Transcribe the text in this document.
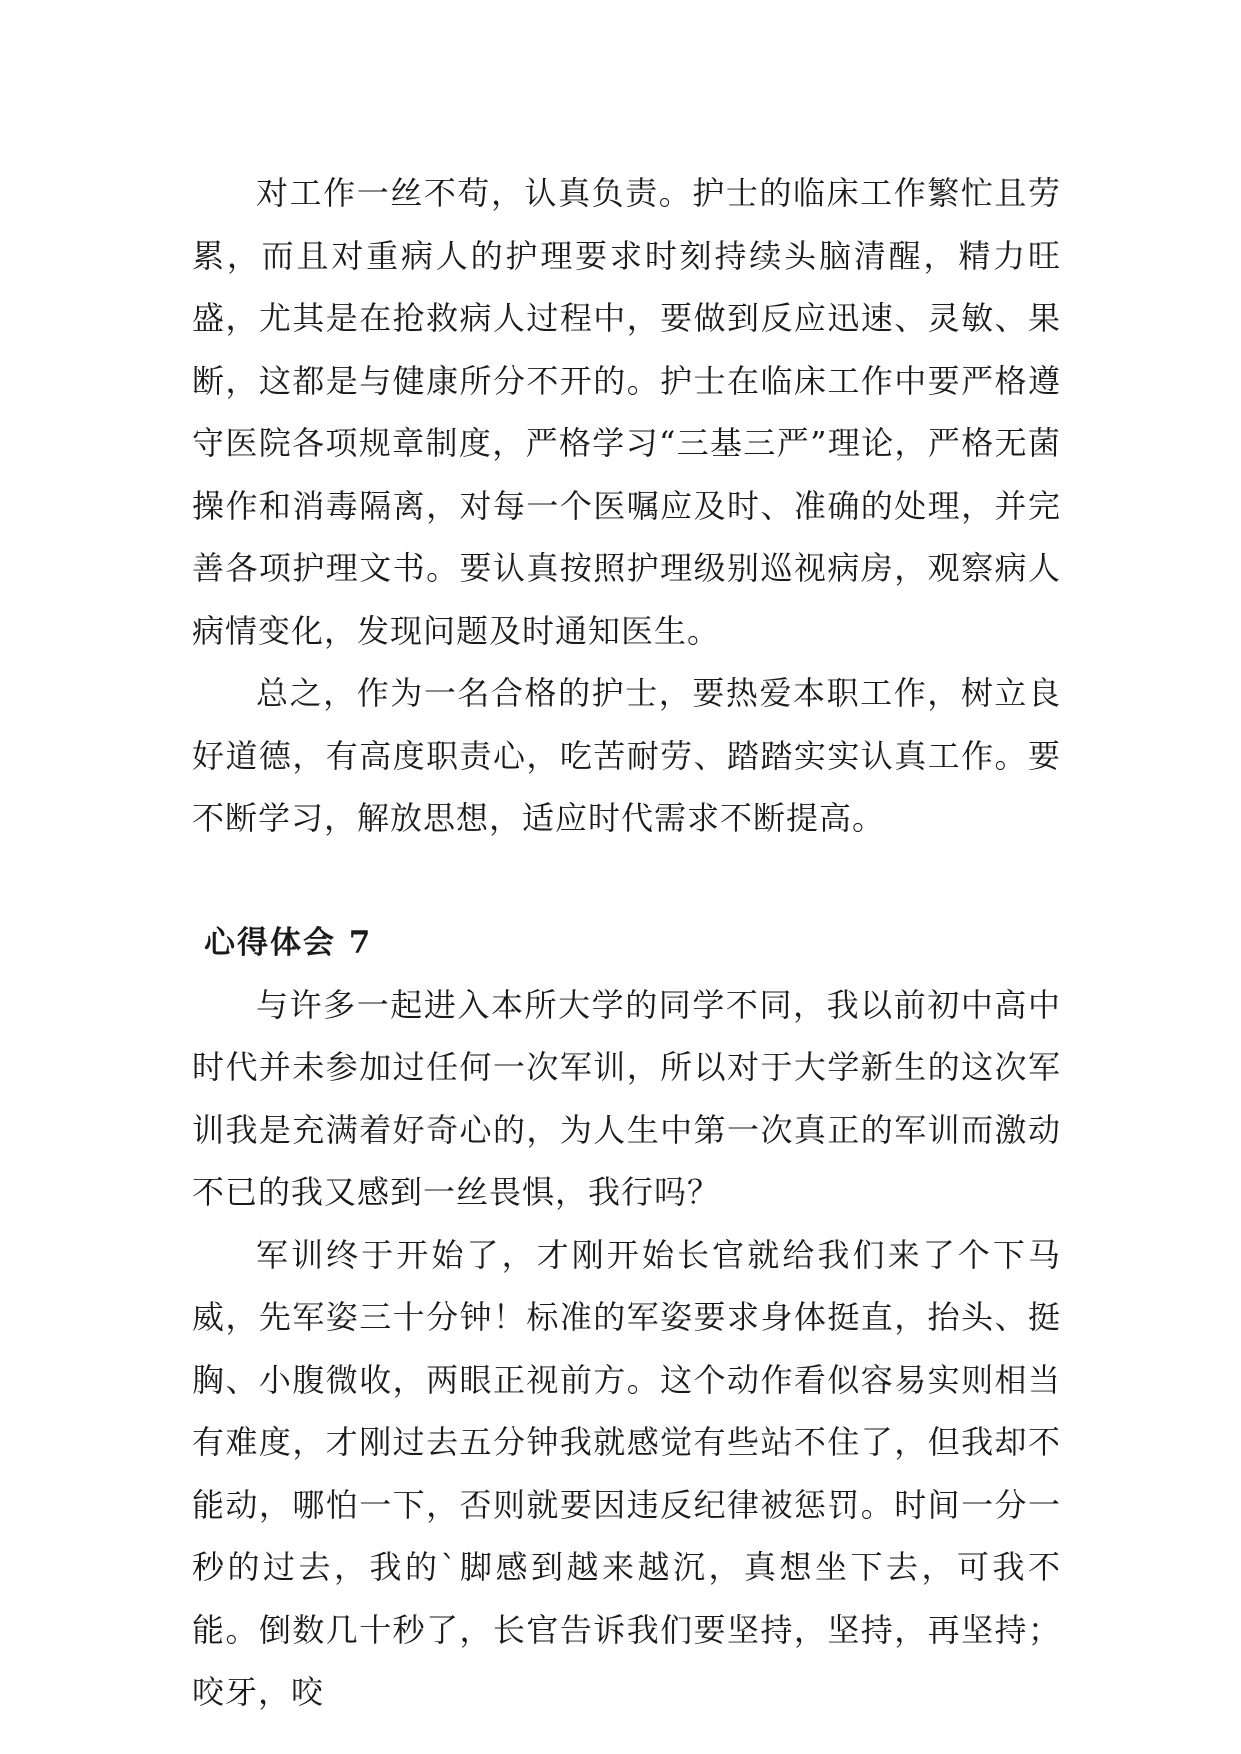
对工作一丝不苟，认真负责。护士的临床工作繁忙且劳累，而且对重病人的护理要求时刻持续头脑清醒，精力旺盛，尤其是在抢救病人过程中，要做到反应迅速、灵敏、果断，这都是与健康所分不开的。护士在临床工作中要严格遵守医院各项规章制度，严格学习“三基三严”理论，严格无菌操作和消毒隔离，对每一个医嘱应及时、准确的处理，并完善各项护理文书。要认真按照护理级别巡视病房，观察病人病情变化，发现问题及时通知医生。

总之，作为一名合格的护士，要热爱本职工作，树立良好道德，有高度职责心，吃苦耐劳、踏踏实实认真工作。要不断学习，解放思想，适应时代需求不断提高。

心得体会 7

与许多一起进入本所大学的同学不同，我以前初中高中时代并未参加过任何一次军训，所以对于大学新生的这次军训我是充满着好奇心的，为人生中第一次真正的军训而激动不已的我又感到一丝畏惧，我行吗？

军训终于开始了，才刚开始长官就给我们来了个下马威，先军姿三十分钟！标准的军姿要求身体挺直，抬头、挺胸、小腹微收，两眼正视前方。这个动作看似容易实则相当有难度，才刚过去五分钟我就感觉有些站不住了，但我却不能动，哪怕一下，否则就要因违反纪律被惩罚。时间一分一秒的过去，我的`脚感到越来越沉，真想坐下去，可我不能。倒数几十秒了，长官告诉我们要坚持，坚持，再坚持；咬牙，咬
